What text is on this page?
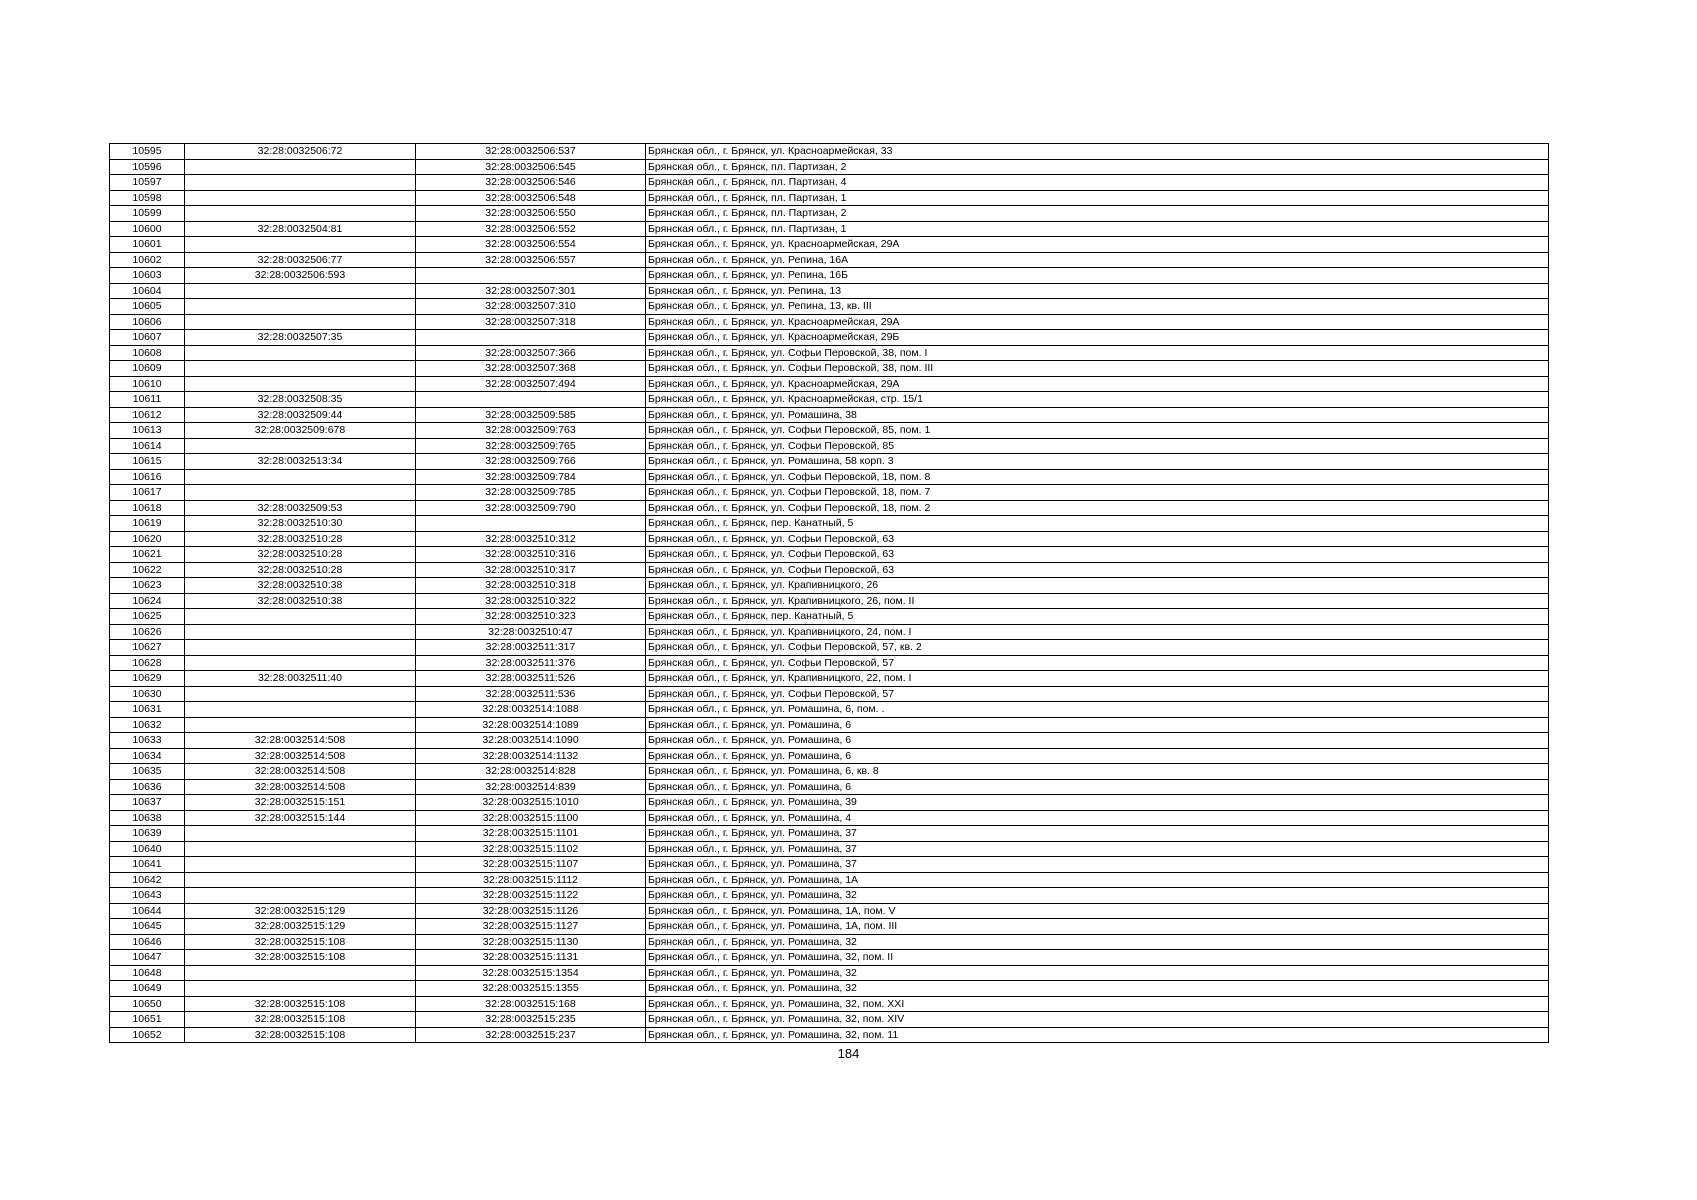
10595	32:28:0032506:72	32:28:0032506:537	Брянская обл., г. Брянск, ул. Красноармейская, 33
10596		32:28:0032506:545	Брянская обл., г. Брянск, пл. Партизан, 2
10597		32:28:0032506:546	Брянская обл., г. Брянск, пл. Партизан, 4
10598		32:28:0032506:548	Брянская обл., г. Брянск, пл. Партизан, 1
10599		32:28:0032506:550	Брянская обл., г. Брянск, пл. Партизан, 2
10600	32:28:0032504:81	32:28:0032506:552	Брянская обл., г. Брянск, пл. Партизан, 1
10601		32:28:0032506:554	Брянская обл., г. Брянск, ул. Красноармейская, 29А
10602	32:28:0032506:77	32:28:0032506:557	Брянская обл., г. Брянск, ул. Репина, 16А
10603	32:28:0032506:593		Брянская обл., г. Брянск, ул. Репина, 16Б
10604		32:28:0032507:301	Брянская обл., г. Брянск, ул. Репина, 13
10605		32:28:0032507:310	Брянская обл., г. Брянск, ул. Репина, 13, кв. III
10606		32:28:0032507:318	Брянская обл., г. Брянск, ул. Красноармейская, 29А
10607	32:28:0032507:35		Брянская обл., г. Брянск, ул. Красноармейская, 29Б
10608		32:28:0032507:366	Брянская обл., г. Брянск, ул. Софьи Перовской, 38, пом. I
10609		32:28:0032507:368	Брянская обл., г. Брянск, ул. Софьи Перовской, 38, пом. III
10610		32:28:0032507:494	Брянская обл., г. Брянск, ул. Красноармейская, 29А
10611	32:28:0032508:35		Брянская обл., г. Брянск, ул. Красноармейская, стр. 15/1
10612	32:28:0032509:44	32:28:0032509:585	Брянская обл., г. Брянск, ул. Ромашина, 38
10613	32:28:0032509:678	32:28:0032509:763	Брянская обл., г. Брянск, ул. Софьи Перовской, 85, пом. 1
10614		32:28:0032509:765	Брянская обл., г. Брянск, ул. Софьи Перовской, 85
10615	32:28:0032513:34	32:28:0032509:766	Брянская обл., г. Брянск, ул. Ромашина, 58 корп. 3
10616		32:28:0032509:784	Брянская обл., г. Брянск, ул. Софьи Перовской, 18, пом. 8
10617		32:28:0032509:785	Брянская обл., г. Брянск, ул. Софьи Перовской, 18, пом. 7
10618	32:28:0032509:53	32:28:0032509:790	Брянская обл., г. Брянск, ул. Софьи Перовской, 18, пом. 2
10619	32:28:0032510:30		Брянская обл., г. Брянск, пер. Канатный, 5
10620	32:28:0032510:28	32:28:0032510:312	Брянская обл., г. Брянск, ул. Софьи Перовской, 63
10621	32:28:0032510:28	32:28:0032510:316	Брянская обл., г. Брянск, ул. Софьи Перовской, 63
10622	32:28:0032510:28	32:28:0032510:317	Брянская обл., г. Брянск, ул. Софьи Перовской, 63
10623	32:28:0032510:38	32:28:0032510:318	Брянская обл., г. Брянск, ул. Крапивницкого, 26
10624	32:28:0032510:38	32:28:0032510:322	Брянская обл., г. Брянск, ул. Крапивницкого, 26, пом. II
10625		32:28:0032510:323	Брянская обл., г. Брянск, пер. Канатный, 5
10626		32:28:0032510:47	Брянская обл., г. Брянск, ул. Крапивницкого, 24, пом. I
10627		32:28:0032511:317	Брянская обл., г. Брянск, ул. Софьи Перовской, 57, кв. 2
10628		32:28:0032511:376	Брянская обл., г. Брянск, ул. Софьи Перовской, 57
10629	32:28:0032511:40	32:28:0032511:526	Брянская обл., г. Брянск, ул. Крапивницкого, 22, пом. I
10630		32:28:0032511:536	Брянская обл., г. Брянск, ул. Софьи Перовской, 57
10631		32:28:0032514:1088	Брянская обл., г. Брянск, ул. Ромашина, 6, пом. .
10632		32:28:0032514:1089	Брянская обл., г. Брянск, ул. Ромашина, 6
10633	32:28:0032514:508	32:28:0032514:1090	Брянская обл., г. Брянск, ул. Ромашина, 6
10634	32:28:0032514:508	32:28:0032514:1132	Брянская обл., г. Брянск, ул. Ромашина, 6
10635	32:28:0032514:508	32:28:0032514:828	Брянская обл., г. Брянск, ул. Ромашина, 6, кв. 8
10636	32:28:0032514:508	32:28:0032514:839	Брянская обл., г. Брянск, ул. Ромашина, 6
10637	32:28:0032515:151	32:28:0032515:1010	Брянская обл., г. Брянск, ул. Ромашина, 39
10638	32:28:0032515:144	32:28:0032515:1100	Брянская обл., г. Брянск, ул. Ромашина, 4
10639		32:28:0032515:1101	Брянская обл., г. Брянск, ул. Ромашина, 37
10640		32:28:0032515:1102	Брянская обл., г. Брянск, ул. Ромашина, 37
10641		32:28:0032515:1107	Брянская обл., г. Брянск, ул. Ромашина, 37
10642		32:28:0032515:1112	Брянская обл., г. Брянск, ул. Ромашина, 1А
10643		32:28:0032515:1122	Брянская обл., г. Брянск, ул. Ромашина, 32
10644	32:28:0032515:129	32:28:0032515:1126	Брянская обл., г. Брянск, ул. Ромашина, 1А, пом. V
10645	32:28:0032515:129	32:28:0032515:1127	Брянская обл., г. Брянск, ул. Ромашина, 1А, пом. III
10646	32:28:0032515:108	32:28:0032515:1130	Брянская обл., г. Брянск, ул. Ромашина, 32
10647	32:28:0032515:108	32:28:0032515:1131	Брянская обл., г. Брянск, ул. Ромашина, 32, пом. II
10648		32:28:0032515:1354	Брянская обл., г. Брянск, ул. Ромашина, 32
10649		32:28:0032515:1355	Брянская обл., г. Брянск, ул. Ромашина, 32
10650	32:28:0032515:108	32:28:0032515:168	Брянская обл., г. Брянск, ул. Ромашина, 32, пом. XXI
10651	32:28:0032515:108	32:28:0032515:235	Брянская обл., г. Брянск, ул. Ромашина, 32, пом. XIV
10652	32:28:0032515:108	32:28:0032515:237	Брянская обл., г. Брянск, ул. Ромашина, 32, пом. 11
184
